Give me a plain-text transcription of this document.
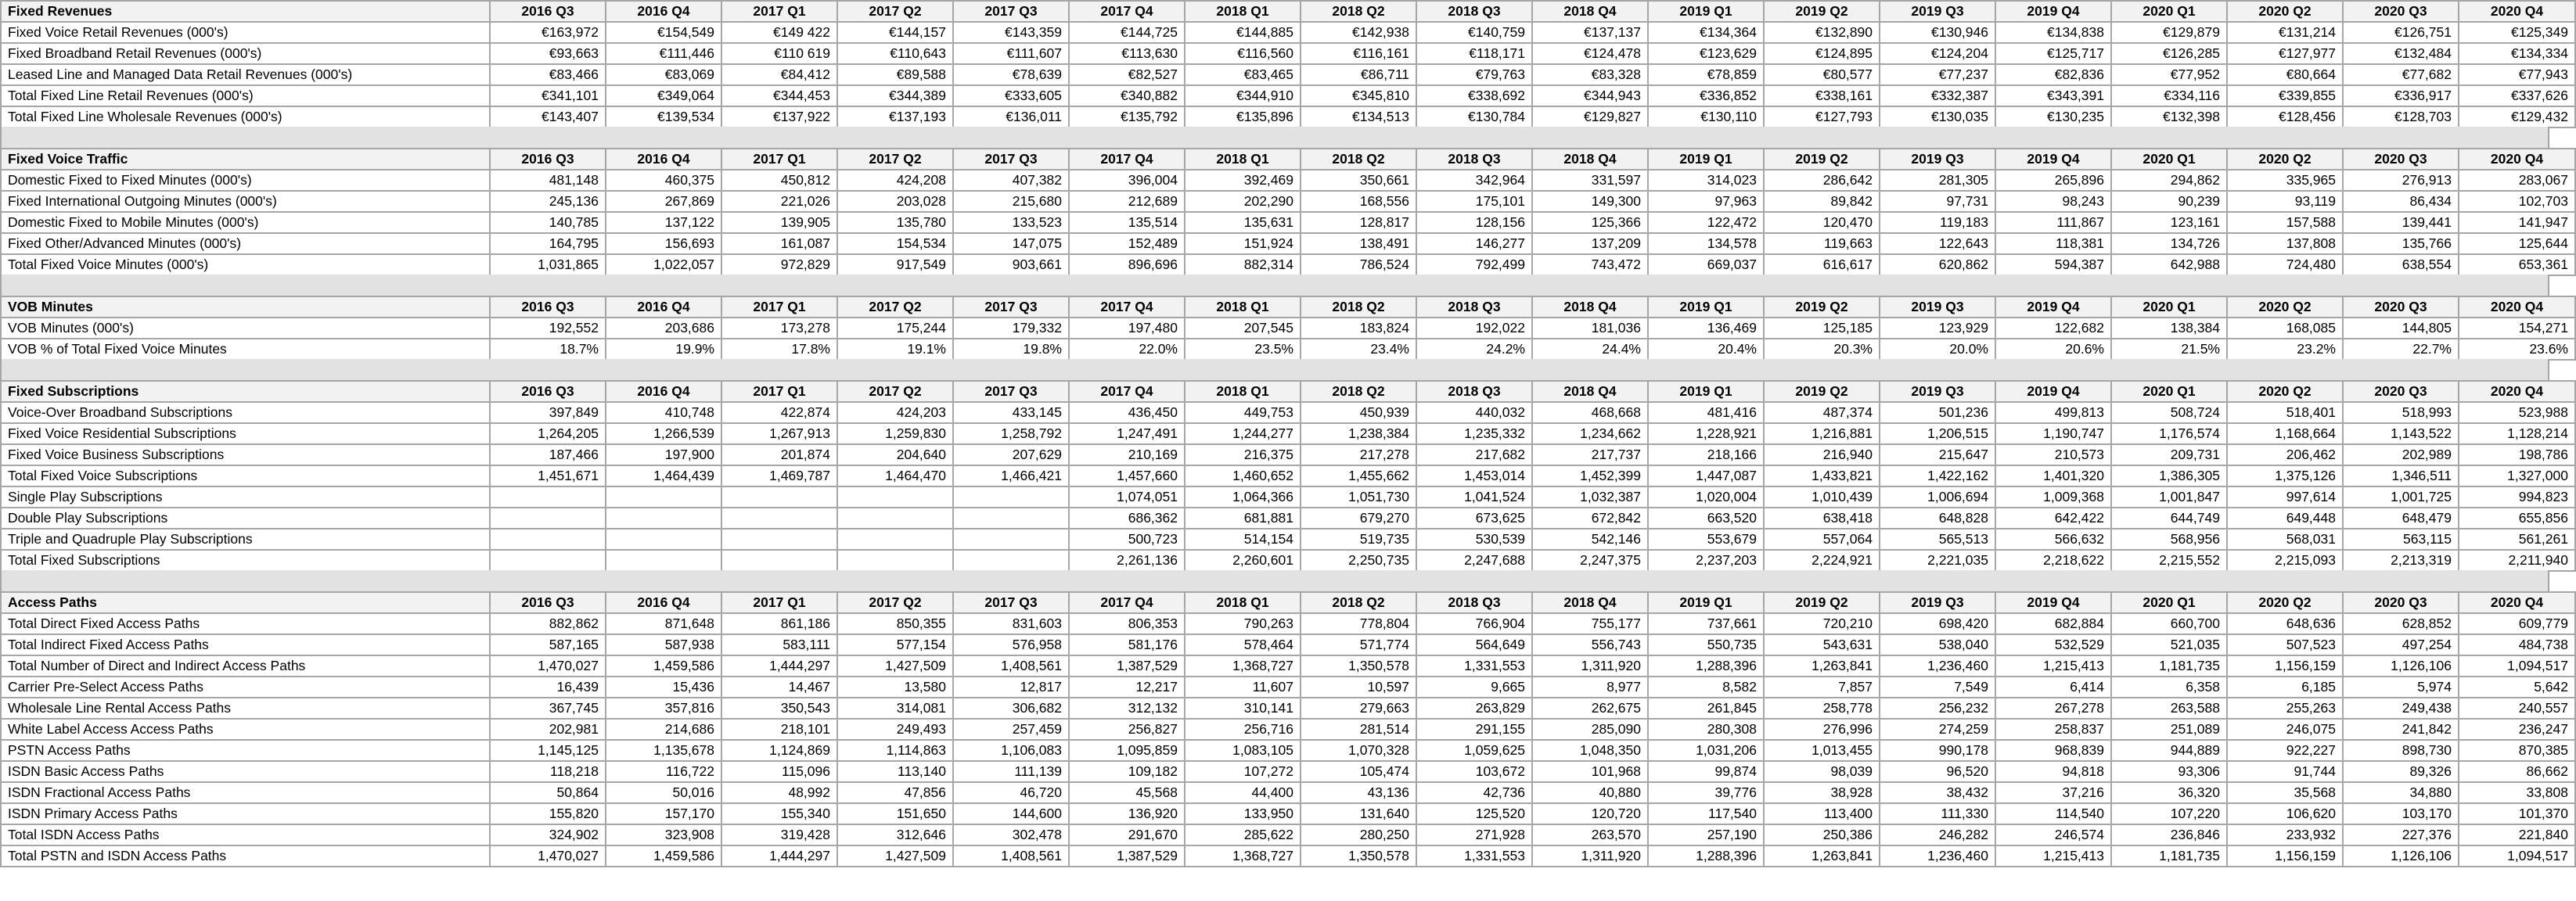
Fixed Revenues	2016 Q3	2016 Q4	2017 Q1	2017 Q2	2017 Q3	2017 Q4	2018 Q1	2018 Q2	2018 Q3	2018 Q4	2019 Q1	2019 Q2	2019 Q3	2019 Q4	2020 Q1	2020 Q2	2020 Q3	2020 Q4
Fixed Voice Retail Revenues (000's)	€163,972	€154,549	€149 422	€144,157	€143,359	€144,725	€144,885	€142,938	€140,759	€137,137	€134,364	€132,890	€130,946	€134,838	€129,879	€131,214	€126,751	€125,349
Fixed Broadband Retail Revenues (000's)	€93,663	€111,446	€110 619	€110,643	€111,607	€113,630	€116,560	€116,161	€118,171	€124,478	€123,629	€124,895	€124,204	€125,717	€126,285	€127,977	€132,484	€134,334
Leased Line and Managed Data Retail Revenues (000's)	€83,466	€83,069	€84,412	€89,588	€78,639	€82,527	€83,465	€86,711	€79,763	€83,328	€78,859	€80,577	€77,237	€82,836	€77,952	€80,664	€77,682	€77,943
Total Fixed Line Retail Revenues (000's)	€341,101	€349,064	€344,453	€344,389	€333,605	€340,882	€344,910	€345,810	€338,692	€344,943	€336,852	€338,161	€332,387	€343,391	€334,116	€339,855	€336,917	€337,626
Total Fixed Line Wholesale Revenues (000's)	€143,407	€139,534	€137,922	€137,193	€136,011	€135,792	€135,896	€134,513	€130,784	€129,827	€130,110	€127,793	€130,035	€130,235	€132,398	€128,456	€128,703	€129,432
Fixed Voice Traffic	2016 Q3	2016 Q4	2017 Q1	2017 Q2	2017 Q3	2017 Q4	2018 Q1	2018 Q2	2018 Q3	2018 Q4	2019 Q1	2019 Q2	2019 Q3	2019 Q4	2020 Q1	2020 Q2	2020 Q3	2020 Q4
Domestic Fixed to Fixed Minutes (000's)	481,148	460,375	450,812	424,208	407,382	396,004	392,469	350,661	342,964	331,597	314,023	286,642	281,305	265,896	294,862	335,965	276,913	283,067
Fixed International Outgoing Minutes (000's)	245,136	267,869	221,026	203,028	215,680	212,689	202,290	168,556	175,101	149,300	97,963	89,842	97,731	98,243	90,239	93,119	86,434	102,703
Domestic Fixed to Mobile Minutes (000's)	140,785	137,122	139,905	135,780	133,523	135,514	135,631	128,817	128,156	125,366	122,472	120,470	119,183	111,867	123,161	157,588	139,441	141,947
Fixed Other/Advanced Minutes (000's)	164,795	156,693	161,087	154,534	147,075	152,489	151,924	138,491	146,277	137,209	134,578	119,663	122,643	118,381	134,726	137,808	135,766	125,644
Total Fixed Voice Minutes (000's)	1,031,865	1,022,057	972,829	917,549	903,661	896,696	882,314	786,524	792,499	743,472	669,037	616,617	620,862	594,387	642,988	724,480	638,554	653,361
VOB Minutes	2016 Q3	2016 Q4	2017 Q1	2017 Q2	2017 Q3	2017 Q4	2018 Q1	2018 Q2	2018 Q3	2018 Q4	2019 Q1	2019 Q2	2019 Q3	2019 Q4	2020 Q1	2020 Q2	2020 Q3	2020 Q4
VOB Minutes (000's)	192,552	203,686	173,278	175,244	179,332	197,480	207,545	183,824	192,022	181,036	136,469	125,185	123,929	122,682	138,384	168,085	144,805	154,271
VOB % of Total Fixed Voice Minutes	18.7%	19.9%	17.8%	19.1%	19.8%	22.0%	23.5%	23.4%	24.2%	24.4%	20.4%	20.3%	20.0%	20.6%	21.5%	23.2%	22.7%	23.6%
Fixed Subscriptions	2016 Q3	2016 Q4	2017 Q1	2017 Q2	2017 Q3	2017 Q4	2018 Q1	2018 Q2	2018 Q3	2018 Q4	2019 Q1	2019 Q2	2019 Q3	2019 Q4	2020 Q1	2020 Q2	2020 Q3	2020 Q4
Voice-Over Broadband Subscriptions	397,849	410,748	422,874	424,203	433,145	436,450	449,753	450,939	440,032	468,668	481,416	487,374	501,236	499,813	508,724	518,401	518,993	523,988
Fixed Voice Residential Subscriptions	1,264,205	1,266,539	1,267,913	1,259,830	1,258,792	1,247,491	1,244,277	1,238,384	1,235,332	1,234,662	1,228,921	1,216,881	1,206,515	1,190,747	1,176,574	1,168,664	1,143,522	1,128,214
Fixed Voice Business Subscriptions	187,466	197,900	201,874	204,640	207,629	210,169	216,375	217,278	217,682	217,737	218,166	216,940	215,647	210,573	209,731	206,462	202,989	198,786
Total Fixed Voice Subscriptions	1,451,671	1,464,439	1,469,787	1,464,470	1,466,421	1,457,660	1,460,652	1,455,662	1,453,014	1,452,399	1,447,087	1,433,821	1,422,162	1,401,320	1,386,305	1,375,126	1,346,511	1,327,000
Single Play Subscriptions						1,074,051	1,064,366	1,051,730	1,041,524	1,032,387	1,020,004	1,010,439	1,006,694	1,009,368	1,001,847	997,614	1,001,725	994,823
Double Play Subscriptions						686,362	681,881	679,270	673,625	672,842	663,520	638,418	648,828	642,422	644,749	649,448	648,479	655,856
Triple and Quadruple Play Subscriptions						500,723	514,154	519,735	530,539	542,146	553,679	557,064	565,513	566,632	568,956	568,031	563,115	561,261
Total Fixed Subscriptions						2,261,136	2,260,601	2,250,735	2,247,688	2,247,375	2,237,203	2,224,921	2,221,035	2,218,622	2,215,552	2,215,093	2,213,319	2,211,940
Access Paths	2016 Q3	2016 Q4	2017 Q1	2017 Q2	2017 Q3	2017 Q4	2018 Q1	2018 Q2	2018 Q3	2018 Q4	2019 Q1	2019 Q2	2019 Q3	2019 Q4	2020 Q1	2020 Q2	2020 Q3	2020 Q4
Total Direct Fixed Access Paths	882,862	871,648	861,186	850,355	831,603	806,353	790,263	778,804	766,904	755,177	737,661	720,210	698,420	682,884	660,700	648,636	628,852	609,779
Total Indirect Fixed Access Paths	587,165	587,938	583,111	577,154	576,958	581,176	578,464	571,774	564,649	556,743	550,735	543,631	538,040	532,529	521,035	507,523	497,254	484,738
Total Number of Direct and Indirect Access Paths	1,470,027	1,459,586	1,444,297	1,427,509	1,408,561	1,387,529	1,368,727	1,350,578	1,331,553	1,311,920	1,288,396	1,263,841	1,236,460	1,215,413	1,181,735	1,156,159	1,126,106	1,094,517
Carrier Pre-Select Access Paths	16,439	15,436	14,467	13,580	12,817	12,217	11,607	10,597	9,665	8,977	8,582	7,857	7,549	6,414	6,358	6,185	5,974	5,642
Wholesale Line Rental Access Paths	367,745	357,816	350,543	314,081	306,682	312,132	310,141	279,663	263,829	262,675	261,845	258,778	256,232	267,278	263,588	255,263	249,438	240,557
White Label Access Access Paths	202,981	214,686	218,101	249,493	257,459	256,827	256,716	281,514	291,155	285,090	280,308	276,996	274,259	258,837	251,089	246,075	241,842	236,247
PSTN Access Paths	1,145,125	1,135,678	1,124,869	1,114,863	1,106,083	1,095,859	1,083,105	1,070,328	1,059,625	1,048,350	1,031,206	1,013,455	990,178	968,839	944,889	922,227	898,730	870,385
ISDN Basic Access Paths	118,218	116,722	115,096	113,140	111,139	109,182	107,272	105,474	103,672	101,968	99,874	98,039	96,520	94,818	93,306	91,744	89,326	86,662
ISDN Fractional Access Paths	50,864	50,016	48,992	47,856	46,720	45,568	44,400	43,136	42,736	40,880	39,776	38,928	38,432	37,216	36,320	35,568	34,880	33,808
ISDN Primary Access Paths	155,820	157,170	155,340	151,650	144,600	136,920	133,950	131,640	125,520	120,720	117,540	113,400	111,330	114,540	107,220	106,620	103,170	101,370
Total ISDN Access Paths	324,902	323,908	319,428	312,646	302,478	291,670	285,622	280,250	271,928	263,570	257,190	250,386	246,282	246,574	236,846	233,932	227,376	221,840
Total PSTN and ISDN Access Paths	1,470,027	1,459,586	1,444,297	1,427,509	1,408,561	1,387,529	1,368,727	1,350,578	1,331,553	1,311,920	1,288,396	1,263,841	1,236,460	1,215,413	1,181,735	1,156,159	1,126,106	1,094,517
